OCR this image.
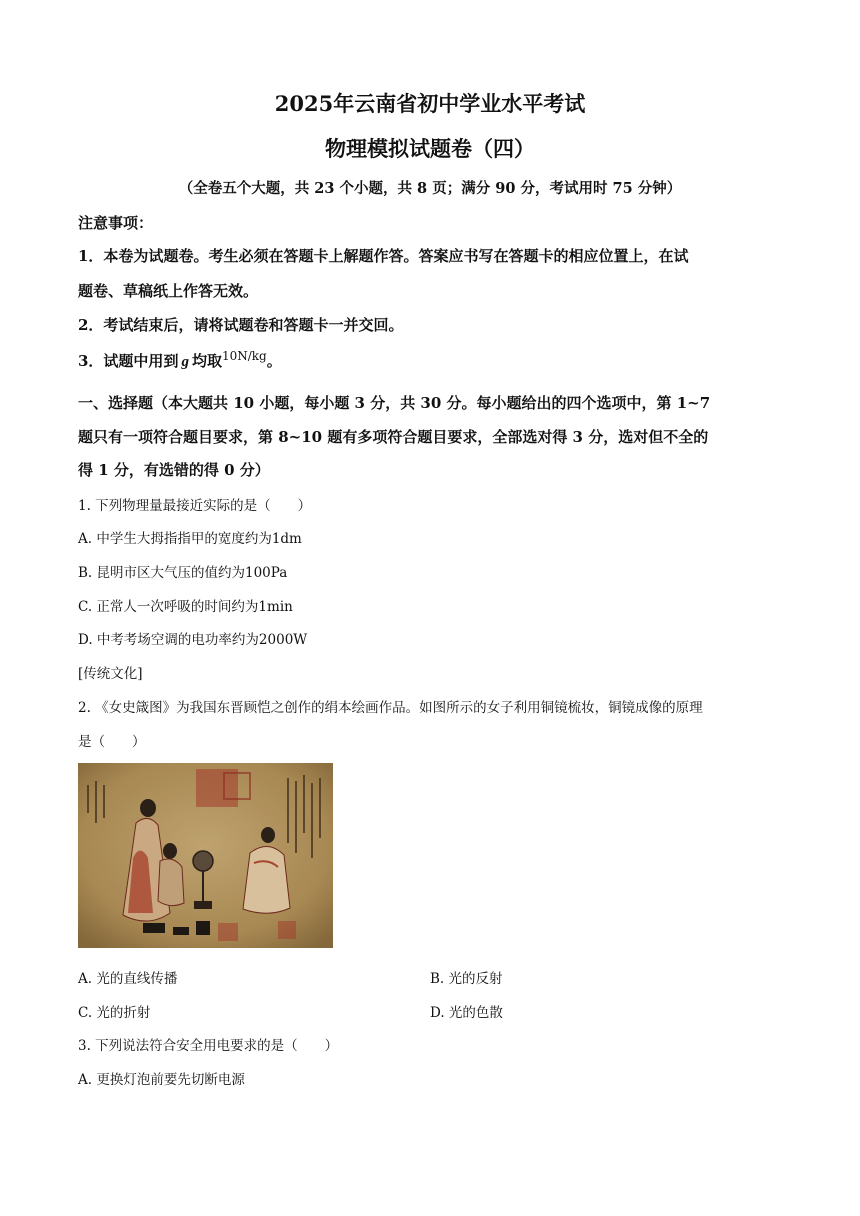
2025年云南省初中学业水平考试
物理模拟试题卷（四）
（全卷五个大题，共 23 个小题，共 8 页；满分 90 分，考试用时 75 分钟）
注意事项：
1．本卷为试题卷。考生必须在答题卡上解题作答。答案应书写在答题卡的相应位置上，在试
题卷、草稿纸上作答无效。
2．考试结束后，请将试题卷和答题卡一并交回。
3．试题中用到 g 均取$^{10N/kg}$。
一、选择题（本大题共 10 小题，每小题 3 分，共 30 分。每小题给出的四个选项中，第 1~7
题只有一项符合题目要求，第 8~10 题有多项符合题目要求，全部选对得 3 分，选对但不全的
得 1 分，有选错的得 0 分）
1. 下列物理量最接近实际的是（　　）
A. 中学生大拇指指甲的宽度约为1dm
B. 昆明市区大气压的值约为100Pa
C. 正常人一次呼吸的时间约为1min
D. 中考考场空调的电功率约为2000W
[传统文化]
2. 《女史箴图》为我国东晋顾恺之创作的绢本绘画作品。如图所示的女子利用铜镜梳妆，铜镜成像的原理
是（　　）
A. 光的直线传播	B. 光的反射
C. 光的折射	D. 光的色散
3. 下列说法符合安全用电要求的是（　　）
A. 更换灯泡前要先切断电源
